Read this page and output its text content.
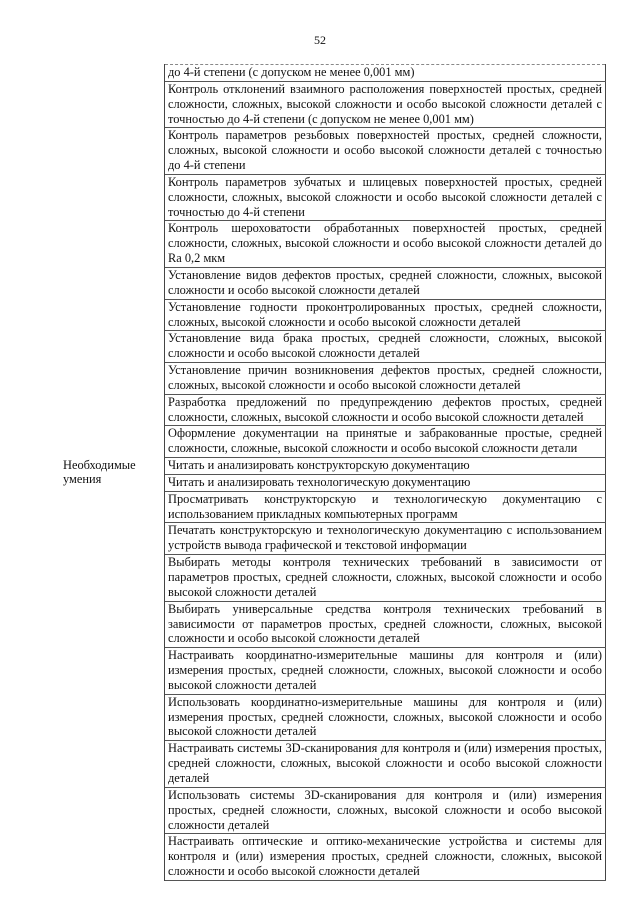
52
	до 4-й степени (с допуском не менее 0,001 мм)
	Контроль отклонений взаимного расположения поверхностей простых, средней сложности, сложных, высокой сложности и особо высокой сложности деталей с точностью до 4-й степени (с допуском не менее 0,001 мм)
	Контроль параметров резьбовых поверхностей простых, средней сложности, сложных, высокой сложности и особо высокой сложности деталей с точностью до 4-й степени
	Контроль параметров зубчатых и шлицевых поверхностей простых, средней сложности, сложных, высокой сложности и особо высокой сложности деталей с точностью до 4-й степени
	Контроль шероховатости обработанных поверхностей простых, средней сложности, сложных, высокой сложности и особо высокой сложности деталей до Ra 0,2 мкм
	Установление видов дефектов простых, средней сложности, сложных, высокой сложности и особо высокой сложности деталей
	Установление годности проконтролированных простых, средней сложности, сложных, высокой сложности и особо высокой сложности деталей
	Установление вида брака простых, средней сложности, сложных, высокой сложности и особо высокой сложности деталей
	Установление причин возникновения дефектов простых, средней сложности, сложных, высокой сложности и особо высокой сложности деталей
	Разработка предложений по предупреждению дефектов простых, средней сложности, сложных, высокой сложности и особо высокой сложности деталей
	Оформление документации на принятые и забракованные простые, средней сложности, сложные, высокой сложности и особо высокой сложности детали
Необходимые умения	Читать и анализировать конструкторскую документацию
	Читать и анализировать технологическую документацию
	Просматривать конструкторскую и технологическую документацию с использованием прикладных компьютерных программ
	Печатать конструкторскую и технологическую документацию с использованием устройств вывода графической и текстовой информации
	Выбирать методы контроля технических требований в зависимости от параметров простых, средней сложности, сложных, высокой сложности и особо высокой сложности деталей
	Выбирать универсальные средства контроля технических требований в зависимости от параметров простых, средней сложности, сложных, высокой сложности и особо высокой сложности деталей
	Настраивать координатно-измерительные машины для контроля и (или) измерения простых, средней сложности, сложных, высокой сложности и особо высокой сложности деталей
	Использовать координатно-измерительные машины для контроля и (или) измерения простых, средней сложности, сложных, высокой сложности и особо высокой сложности деталей
	Настраивать системы 3D-сканирования для контроля и (или) измерения простых, средней сложности, сложных, высокой сложности и особо высокой сложности деталей
	Использовать системы 3D-сканирования для контроля и (или) измерения простых, средней сложности, сложных, высокой сложности и особо высокой сложности деталей
	Настраивать оптические и оптико-механические устройства и системы для контроля и (или) измерения простых, средней сложности, сложных, высокой сложности и особо высокой сложности деталей
